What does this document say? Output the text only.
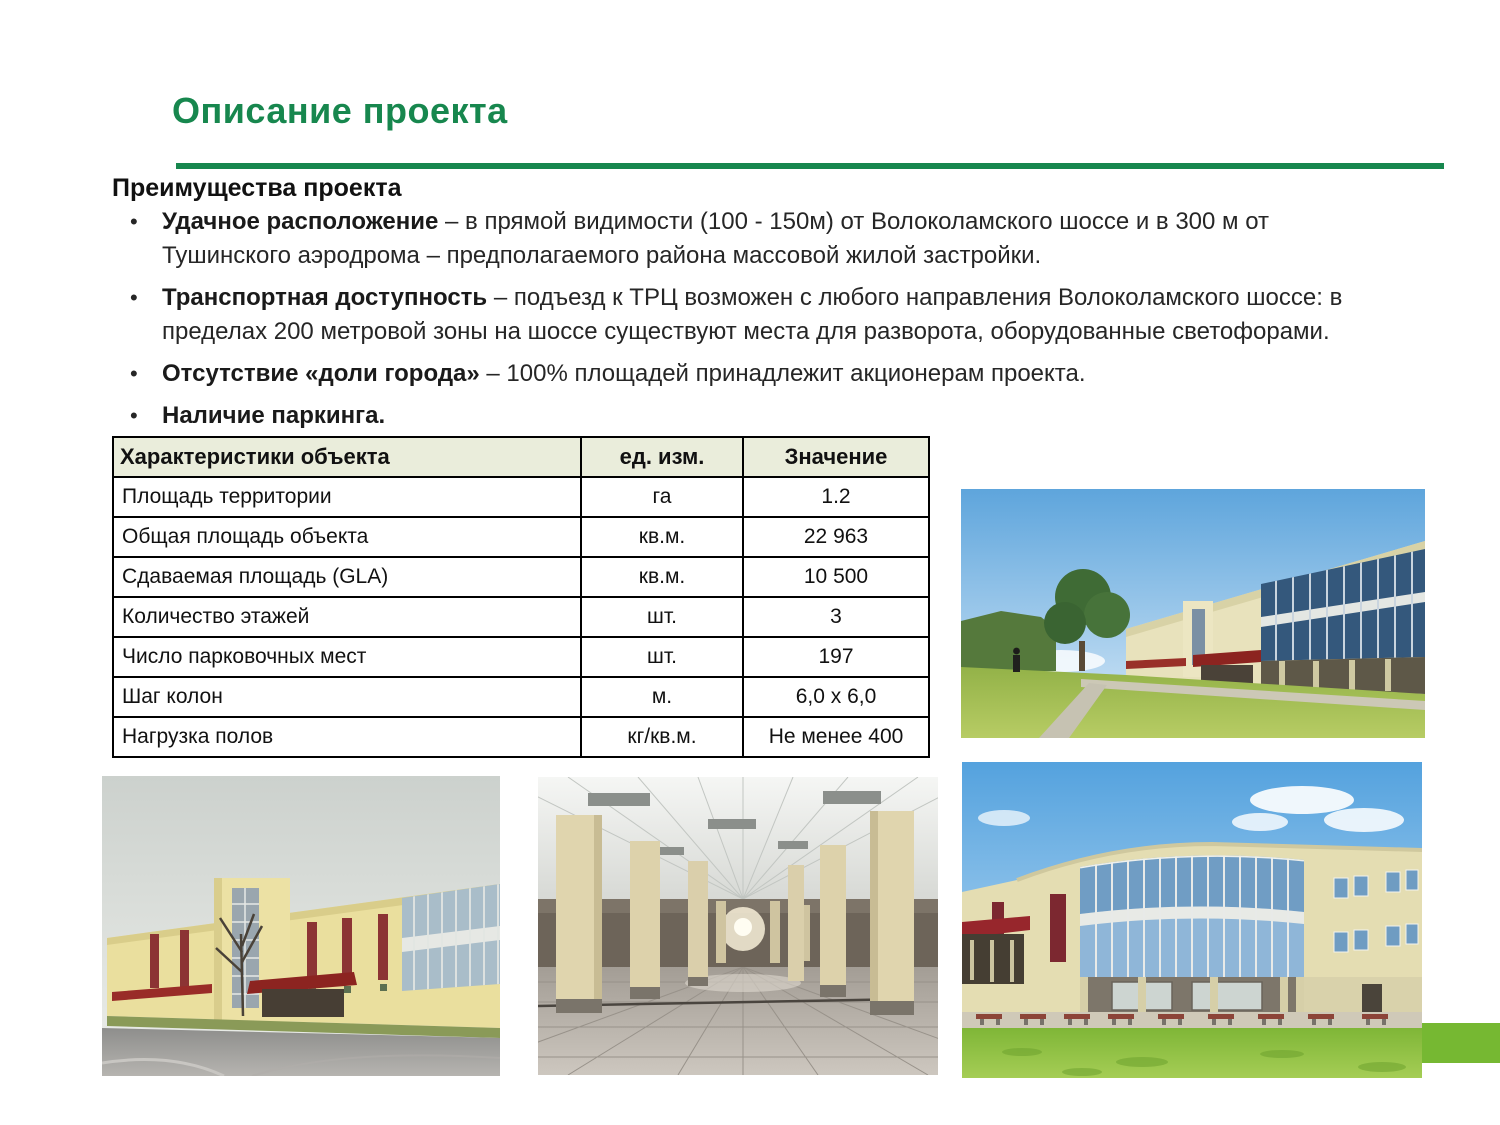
Описание проекта
Преимущества проекта
•	Удачное расположение – в прямой видимости (100 - 150м) от Волоколамского шоссе и в 300 м от Тушинского аэродрома – предполагаемого района массовой жилой застройки.
•	Транспортная доступность – подъезд к ТРЦ возможен с любого направления Волоколамского шоссе: в пределах 200 метровой зоны на шоссе существуют места для разворота, оборудованные светофорами.
•	Отсутствие «доли города» – 100% площадей принадлежит акционерам проекта.
•	Наличие паркинга.
Характеристики объекта	ед. изм.	Значение
Площадь территории	га	1.2
Общая площадь объекта	кв.м.	22 963
Сдаваемая площадь (GLA)	кв.м.	10 500
Количество этажей	шт.	3
Число парковочных мест	шт.	197
Шаг колон	м.	6,0 x 6,0
Нагрузка полов	кг/кв.м.	Не менее 400
